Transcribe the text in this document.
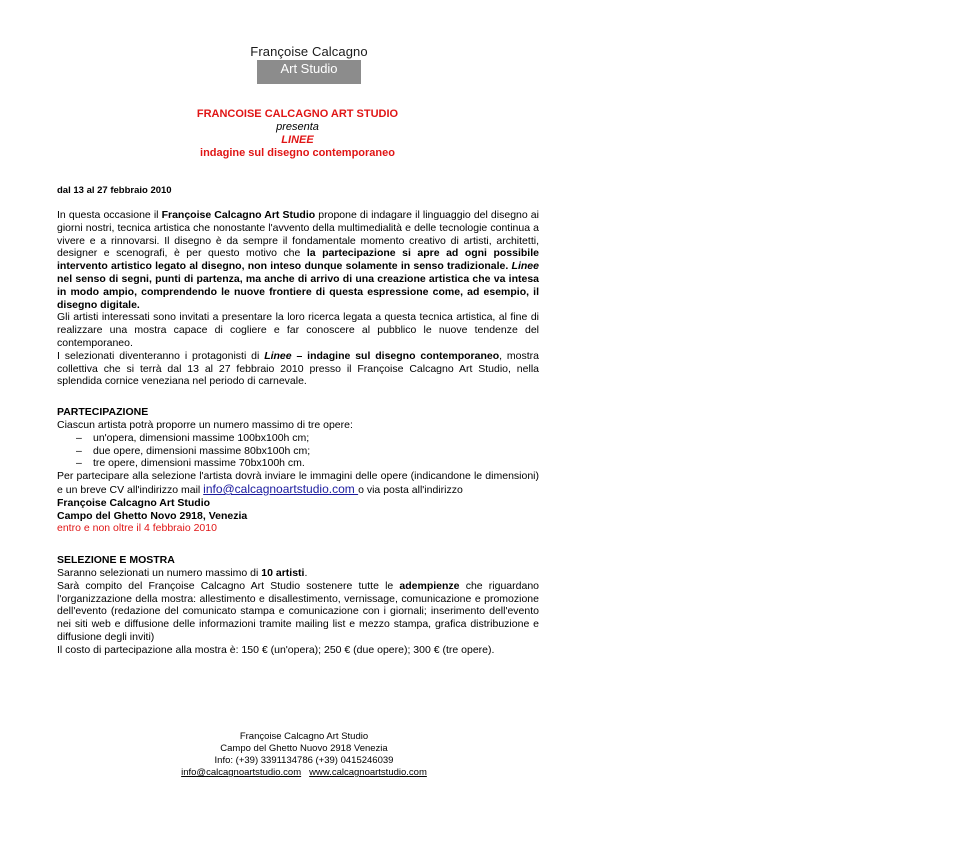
Françoise Calcagno
Art Studio
FRANCOISE CALCAGNO ART STUDIO
presenta
LINEE
indagine sul disegno contemporaneo
dal 13 al 27 febbraio 2010

In questa occasione il Françoise Calcagno Art Studio propone di indagare il linguaggio del disegno ai giorni nostri, tecnica artistica che nonostante l'avvento della multimedialità e delle tecnologie continua a vivere e a rinnovarsi. Il disegno è da sempre il fondamentale momento creativo di artisti, architetti, designer e scenografi, è per questo motivo che la partecipazione si apre ad ogni possibile intervento artistico legato al disegno, non inteso dunque solamente in senso tradizionale. Linee nel senso di segni, punti di partenza, ma anche di arrivo di una creazione artistica che va intesa in modo ampio, comprendendo le nuove frontiere di questa espressione come, ad esempio, il disegno digitale.

Gli artisti interessati sono invitati a presentare la loro ricerca legata a questa tecnica artistica, al fine di realizzare una mostra capace di cogliere e far conoscere al pubblico le nuove tendenze del contemporaneo.

I selezionati diventeranno i protagonisti di Linee – indagine sul disegno contemporaneo, mostra collettiva che si terrà dal 13 al 27 febbraio 2010 presso il Françoise Calcagno Art Studio, nella splendida cornice veneziana nel periodo di carnevale.

PARTECIPAZIONE

Ciascun artista potrà proporre un numero massimo di tre opere:

– un'opera, dimensioni massime 100bx100h cm;
– due opere, dimensioni massime 80bx100h cm;
– tre opere, dimensioni massime 70bx100h cm.

Per partecipare alla selezione l'artista dovrà inviare le immagini delle opere (indicandone le dimensioni) e un breve CV all'indirizzo mail info@calcagnoartstudio.com o via posta all'indirizzo

Françoise Calcagno Art Studio

Campo del Ghetto Novo 2918, Venezia

entro e non oltre il 4 febbraio 2010

SELEZIONE E MOSTRA

Saranno selezionati un numero massimo di 10 artisti.

Sarà compito del Françoise Calcagno Art Studio sostenere tutte le adempienze che riguardano l'organizzazione della mostra: allestimento e disallestimento, vernissage, comunicazione e promozione dell'evento (redazione del comunicato stampa e comunicazione con i giornali; inserimento dell'evento nei siti web e diffusione delle informazioni tramite mailing list e mezzo stampa, grafica distribuzione e diffusione degli inviti)

Il costo di partecipazione alla mostra è: 150 € (un'opera); 250 € (due opere); 300 € (tre opere).

Françoise Calcagno Art Studio
Campo del Ghetto Nuovo 2918 Venezia
Info: (+39) 3391134786 (+39) 0415246039
info@calcagnoartstudio.com www.calcagnoartstudio.com
